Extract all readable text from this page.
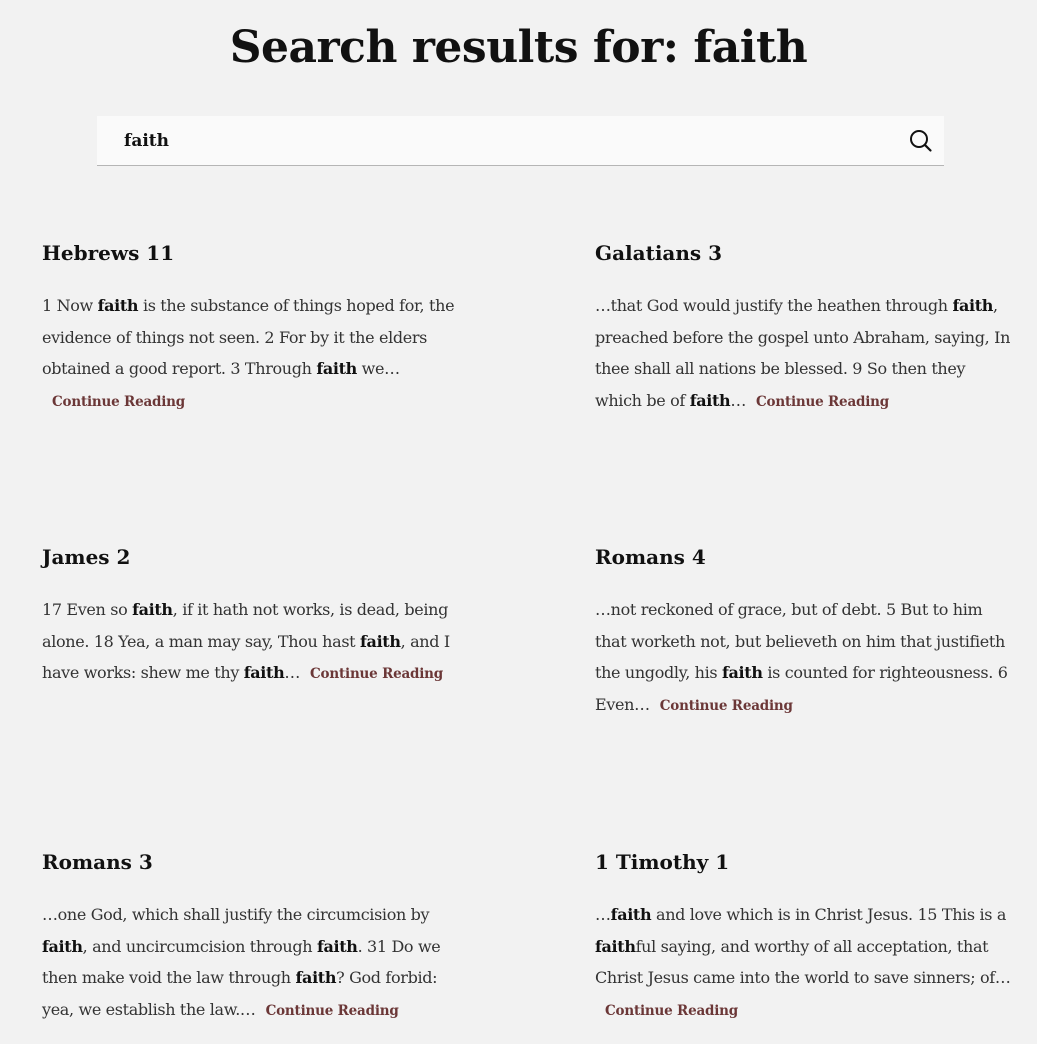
Search results for: faith
faith
Hebrews 11

1 Now faith is the substance of things hoped for, the evidence of things not seen. 2 For by it the elders obtained a good report. 3 Through faith we…Continue Reading

Galatians 3

…that God would justify the heathen through faith, preached before the gospel unto Abraham, saying, In thee shall all nations be blessed. 9 So then they which be of faith… Continue Reading

James 2

17 Even so faith, if it hath not works, is dead, being alone. 18 Yea, a man may say, Thou hast faith, and I have works: shew me thy faith… Continue Reading

Romans 4

…not reckoned of grace, but of debt. 5 But to him that worketh not, but believeth on him that justifieth the ungodly, his faith is counted for righteousness. 6 Even… Continue Reading

Romans 3

…one God, which shall justify the circumcision by faith, and uncircumcision through faith. 31 Do we then make void the law through faith? God forbid: yea, we establish the law.… Continue Reading

1 Timothy 1

…faith and love which is in Christ Jesus. 15 This is a faithful saying, and worthy of all acceptation, that Christ Jesus came into the world to save sinners; of…Continue Reading
